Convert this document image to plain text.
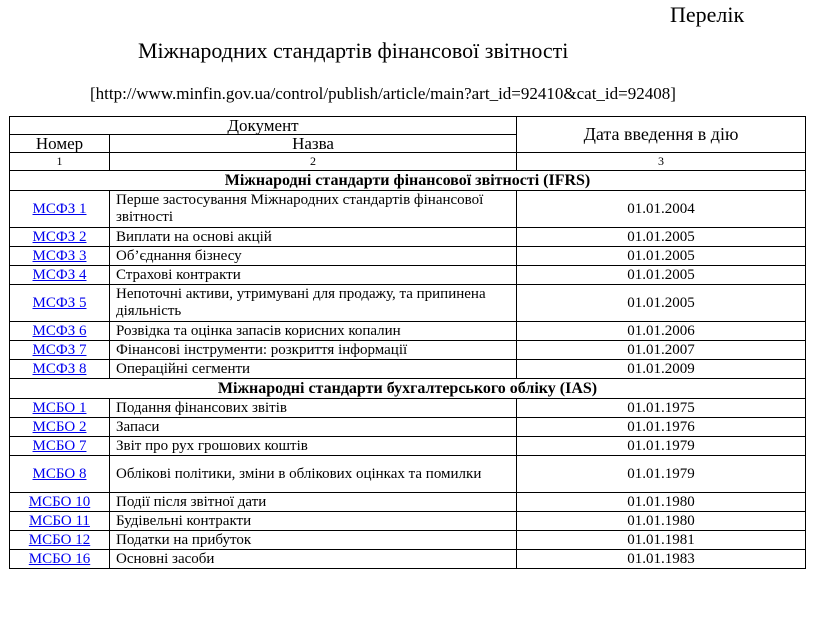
Перелік
Міжнародних стандартів фінансової звітності
[http://www.minfin.gov.ua/control/publish/article/main?art_id=92410&cat_id=92408]
Документ		Дата введення в дію
Номер	Назва	
1	2	3
Міжнародні стандарти фінансової звітності (IFRS)		
МСФЗ 1	Перше застосування Міжнародних стандартів фінансової звітності	01.01.2004
МСФЗ 2	Виплати на основі акцій	01.01.2005
МСФЗ 3	Об’єднання бізнесу	01.01.2005
МСФЗ 4	Страхові контракти	01.01.2005
МСФЗ 5	Непоточні активи, утримувані для продажу, та припинена діяльність	01.01.2005
МСФЗ 6	Розвідка та оцінка запасів корисних копалин	01.01.2006
МСФЗ 7	Фінансові інструменти: розкриття інформації	01.01.2007
МСФЗ 8	Операційні сегменти	01.01.2009
Міжнародні стандарти бухгалтерського обліку (IAS)		
МСБО 1	Подання фінансових звітів	01.01.1975
МСБО 2	Запаси	01.01.1976
МСБО 7	Звіт про рух грошових коштів	01.01.1979
МСБО 8	Облікові політики, зміни в облікових оцінках та помилки	01.01.1979
МСБО 10	Події після звітної дати	01.01.1980
МСБО 11	Будівельні контракти	01.01.1980
МСБО 12	Податки на прибуток	01.01.1981
МСБО 16	Основні засоби	01.01.1983
